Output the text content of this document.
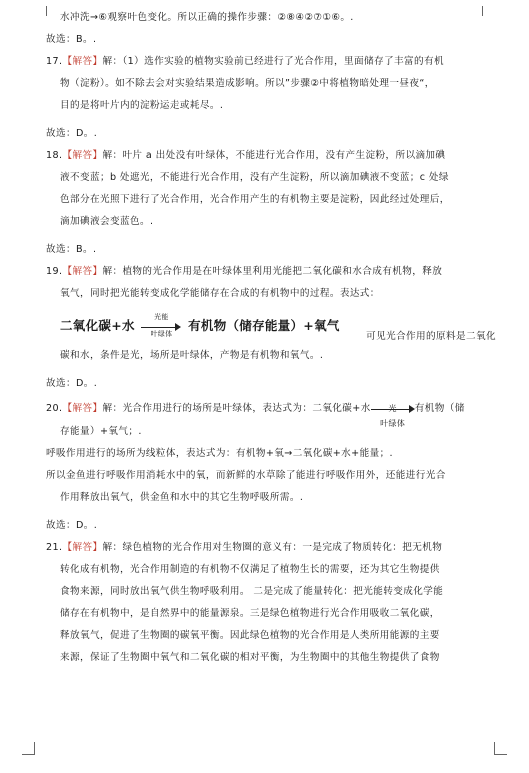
水冲洗→⑥观察叶色变化。所以正确的操作步骤：②⑧④②⑦①⑥。.
故选：B。.
17.【解答】解：（1）选作实验的植物实验前已经进行了光合作用，里面储存了丰富的有机
物（淀粉）。如不除去会对实验结果造成影响。所以”步骤②中将植物暗处理一昼夜“，
目的是将叶片内的淀粉运走或耗尽。.
故选：D。.
18.【解答】解：叶片 a 出处没有叶绿体，不能进行光合作用，没有产生淀粉，所以滴加碘
液不变蓝；b 处遮光，不能进行光合作用，没有产生淀粉，所以滴加碘液不变蓝；c 处绿
色部分在光照下进行了光合作用，光合作用产生的有机物主要是淀粉，因此经过处理后，
滴加碘液会变蓝色。.
故选：B。.
19.【解答】解：植物的光合作用是在叶绿体里利用光能把二氧化碳和水合成有机物，释放
氧气，同时把光能转变成化学能储存在合成的有机物中的过程。表达式：
二氧化碳+水
光能
叶绿体
有机物（储存能量）+氧气
可见光合作用的原料是二氧化
碳和水，条件是光，场所是叶绿体，产物是有机物和氧气。.
故选：D。.
20.【解答】解：光合作用进行的场所是叶绿体，表达式为：二氧化碳+水	光
叶绿体
有机物（储
存能量）+氧气；.
呼吸作用进行的场所为线粒体，表达式为：有机物+氧→二氧化碳+水+能量；.
所以金鱼进行呼吸作用消耗水中的氧，而新鲜的水草除了能进行呼吸作用外，还能进行光合
作用释放出氧气，供金鱼和水中的其它生物呼吸所需。.
故选：D。.
21.【解答】解：绿色植物的光合作用对生物圈的意义有：一是完成了物质转化：把无机物
转化成有机物，光合作用制造的有机物不仅满足了植物生长的需要，还为其它生物提供
食物来源，同时放出氧气供生物呼吸利用。 二是完成了能量转化：把光能转变成化学能
储存在有机物中，是自然界中的能量源泉。三是绿色植物进行光合作用吸收二氧化碳，
释放氧气，促进了生物圈的碳氧平衡。因此绿色植物的光合作用是人类所用能源的主要
来源，保证了生物圈中氧气和二氧化碳的相对平衡，为生物圈中的其他生物提供了食物
